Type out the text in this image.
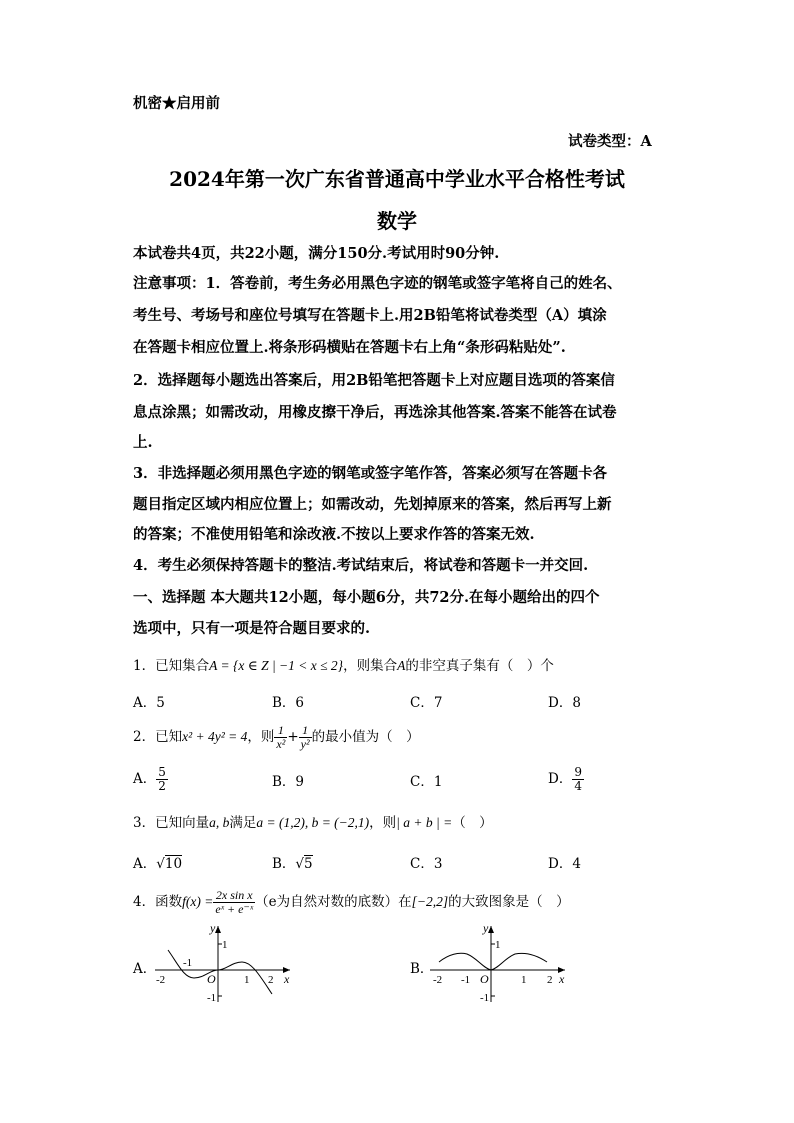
机密★启用前
试卷类型：A
2024年第一次广东省普通高中学业水平合格性考试
数学
本试卷共4页，共22小题，满分150分.考试用时90分钟.
注意事项：1．答卷前，考生务必用黑色字迹的钢笔或签字笔将自己的姓名、
考生号、考场号和座位号填写在答题卡上.用2B铅笔将试卷类型（A）填涂
在答题卡相应位置上.将条形码横贴在答题卡右上角“条形码粘贴处”.
2．选择题每小题选出答案后，用2B铅笔把答题卡上对应题目选项的答案信
息点涂黑；如需改动，用橡皮擦干净后，再选涂其他答案.答案不能答在试卷
上.
3．非选择题必须用黑色字迹的钢笔或签字笔作答，答案必须写在答题卡各
题目指定区域内相应位置上；如需改动，先划掉原来的答案，然后再写上新
的答案；不准使用铅笔和涂改液.不按以上要求作答的答案无效.
4．考生必须保持答题卡的整洁.考试结束后，将试卷和答题卡一并交回.
一、选择题 本大题共12小题，每小题6分，共72分.在每小题给出的四个
选项中，只有一项是符合题目要求的.
1．已知集合A = {x ∈ Z | −1 < x ≤ 2}，则集合A的非空真子集有（　）个
A．5	B．6	C．7	D．8
2．已知x² + 4y² = 4，则 $\frac{1}{\text{x²}} + \frac{1}{\text{y²}}$ 的最小值为（　）
A． $\frac{5}{2}$	B．9	C．1	D． $\frac{9}{4}$
3．已知向量a, b满足a = (1,2), b = (−2,1)，则| a + b | =（　）
A．√10	B．√5	C．3	D．4
4．函数$f(x) = \frac{\text{2x sin x}}{\text{eˣ + e⁻ˣ}} (e$为自然对数的底数）在[−2,2]的大致图象是（　）
A．
y
x
O
1
-1
-1
-2	1 2
B．
y
x
O
1
-1
-2 -1	1 2
